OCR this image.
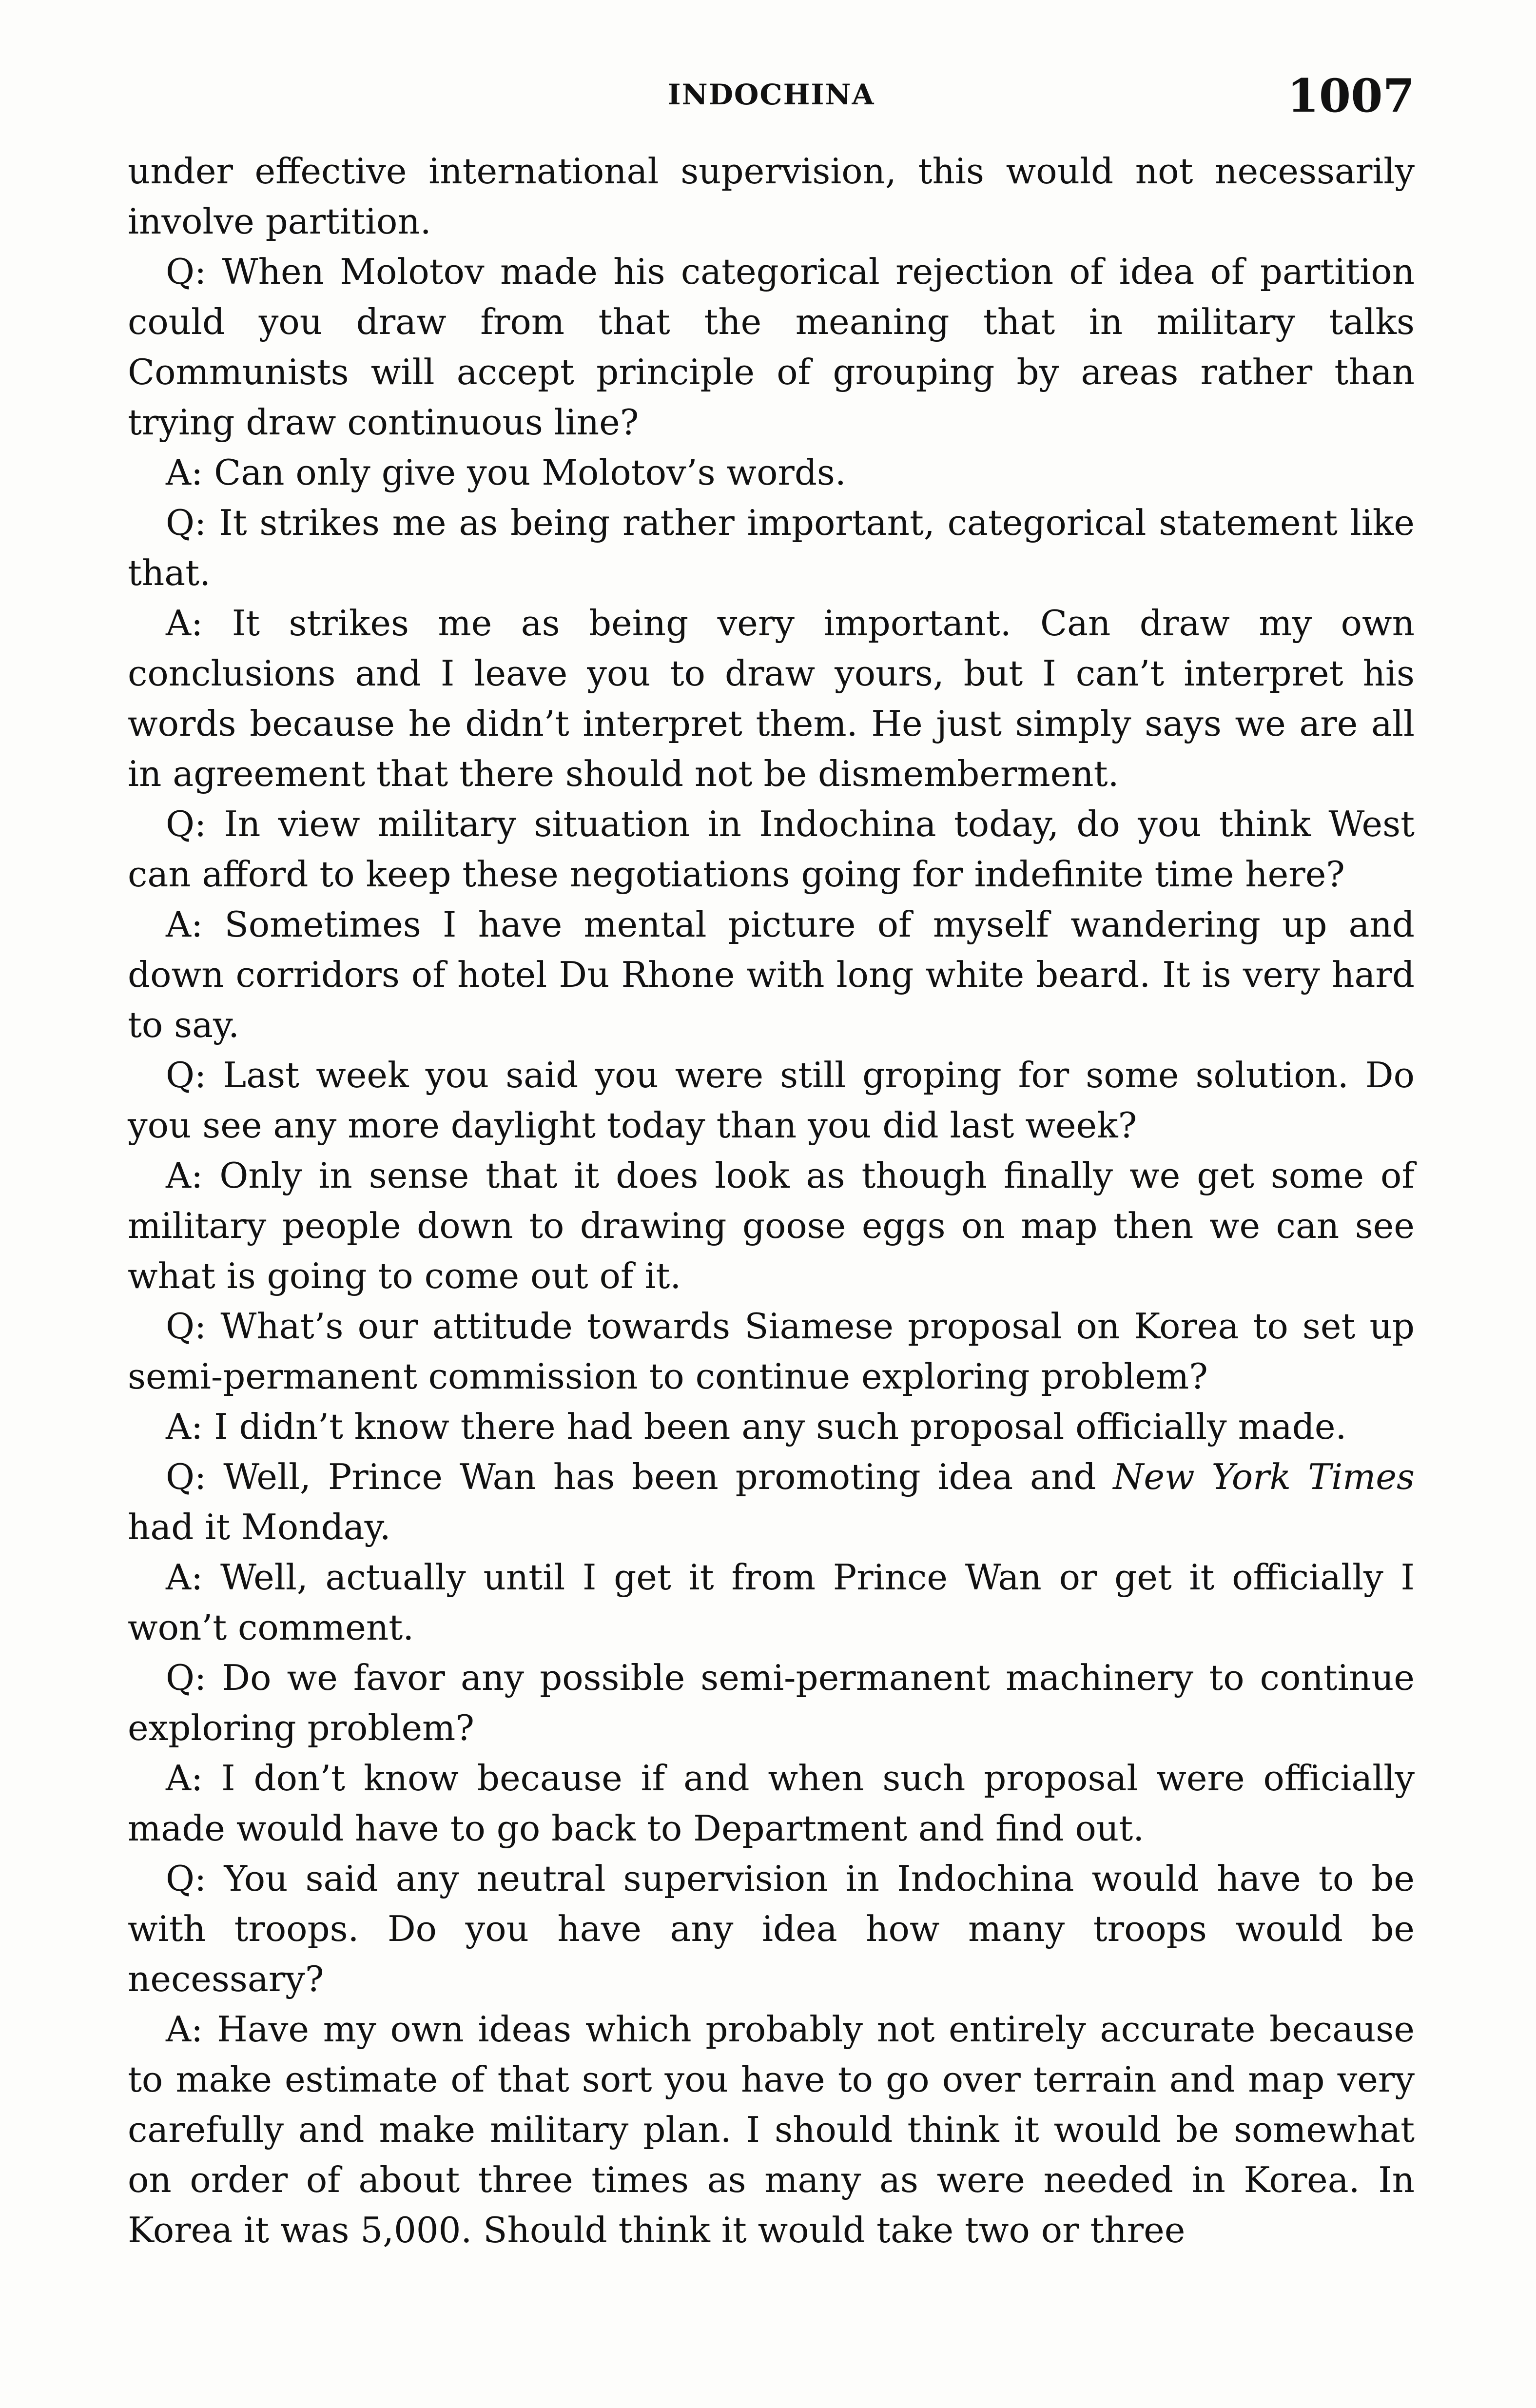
INDOCHINA	1007

under effective international supervision, this would not necessarily involve partition.

Q: When Molotov made his categorical rejection of idea of partition could you draw from that the meaning that in military talks Communists will accept principle of grouping by areas rather than trying draw continuous line?

A: Can only give you Molotov’s words.

Q: It strikes me as being rather important, categorical statement like that.

A: It strikes me as being very important. Can draw my own conclusions and I leave you to draw yours, but I can’t interpret his words because he didn’t interpret them. He just simply says we are all in agreement that there should not be dismemberment.

Q: In view military situation in Indochina today, do you think West can afford to keep these negotiations going for indefinite time here?

A: Sometimes I have mental picture of myself wandering up and down corridors of hotel Du Rhone with long white beard. It is very hard to say.

Q: Last week you said you were still groping for some solution. Do you see any more daylight today than you did last week?

A: Only in sense that it does look as though finally we get some of military people down to drawing goose eggs on map then we can see what is going to come out of it.

Q: What’s our attitude towards Siamese proposal on Korea to set up semi-permanent commission to continue exploring problem?

A: I didn’t know there had been any such proposal officially made.

Q: Well, Prince Wan has been promoting idea and New York Times had it Monday.

A: Well, actually until I get it from Prince Wan or get it officially I won’t comment.

Q: Do we favor any possible semi-permanent machinery to continue exploring problem?

A: I don’t know because if and when such proposal were officially made would have to go back to Department and find out.

Q: You said any neutral supervision in Indochina would have to be with troops. Do you have any idea how many troops would be necessary?

A: Have my own ideas which probably not entirely accurate because to make estimate of that sort you have to go over terrain and map very carefully and make military plan. I should think it would be somewhat on order of about three times as many as were needed in Korea. In Korea it was 5,000. Should think it would take two or three
